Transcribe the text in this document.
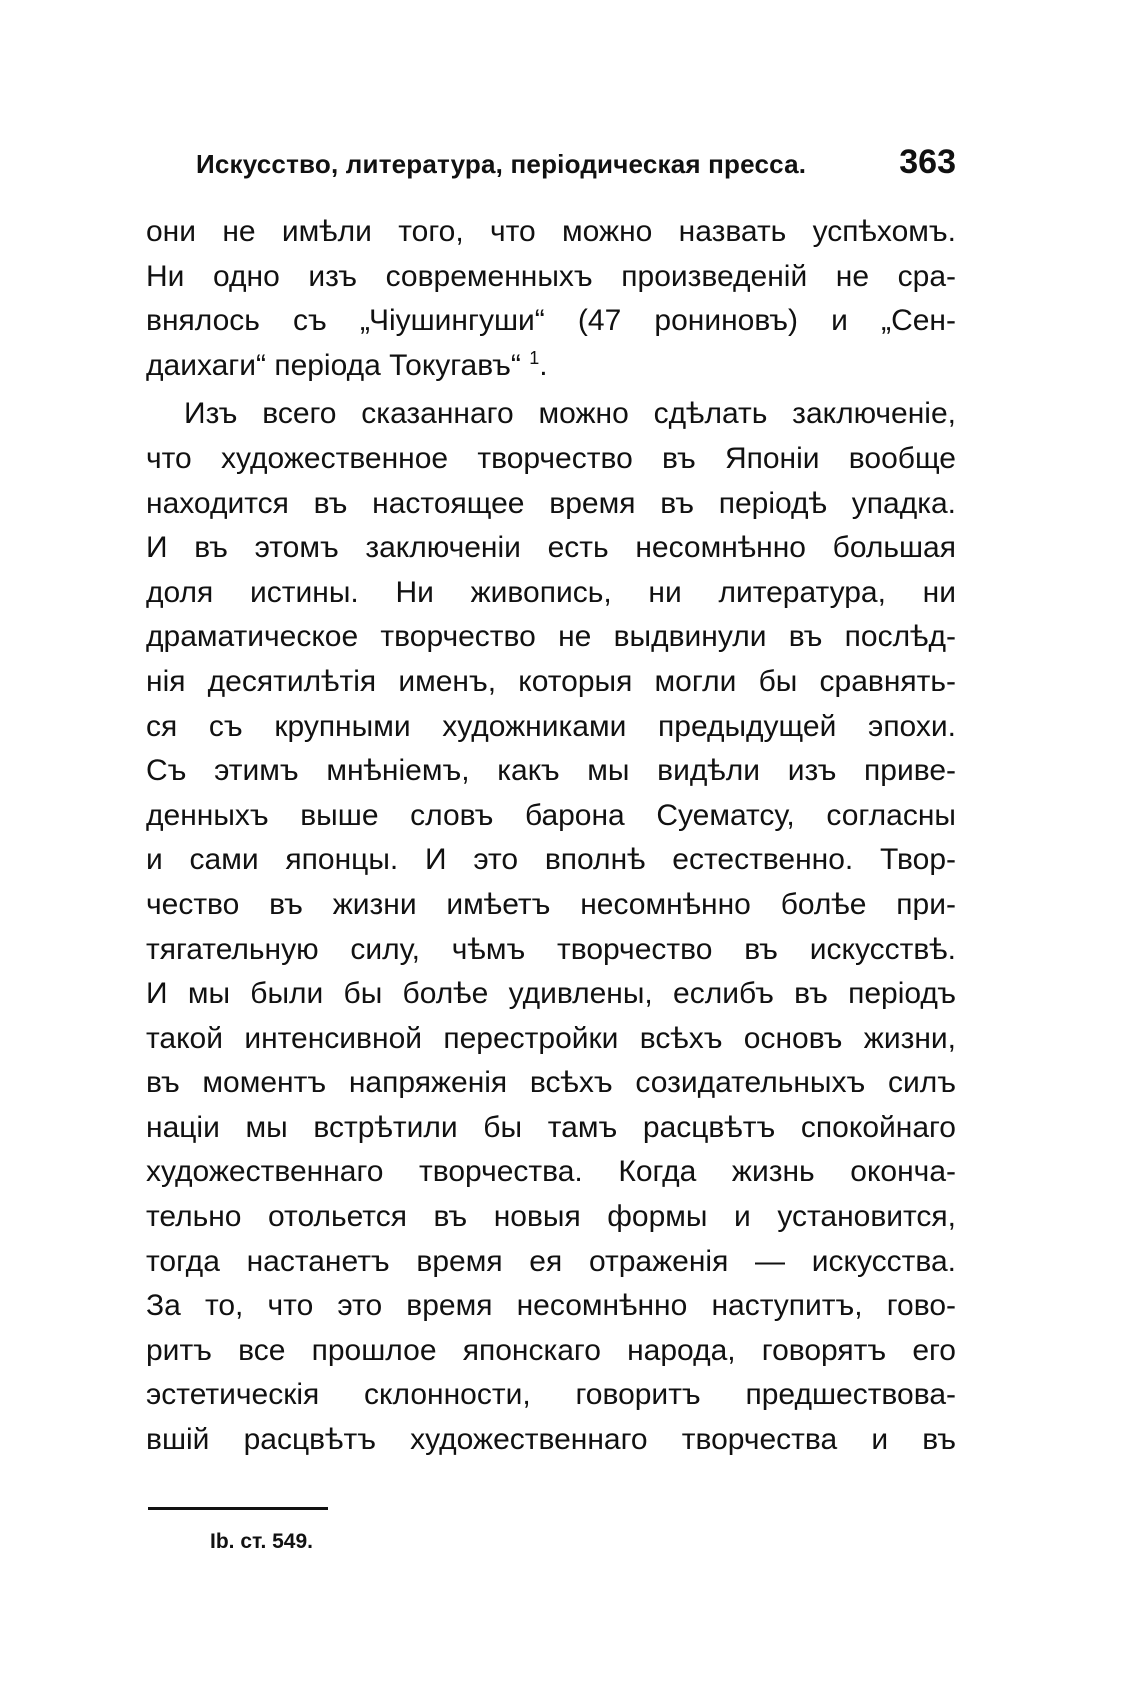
Искусство, литература, періодическая пресса.	363
они не имѣли того, что можно назвать успѣхомъ.
Ни одно изъ современныхъ произведеній не сра-
внялось съ „Чіушингуши“ (47 рониновъ) и „Сен-
даихаги“ періода Токугавъ“ $^1$.
Изъ всего сказаннаго можно сдѣлать заключеніе,
что художественное творчество въ Японіи вообще
находится въ настоящее время въ періодѣ упадка.
И въ этомъ заключеніи есть несомнѣнно большая
доля истины. Ни живопись, ни литература, ни
драматическое творчество не выдвинули въ послѣд-
нія десятилѣтія именъ, которыя могли бы сравнять-
ся съ крупными художниками предыдущей эпохи.
Съ этимъ мнѣніемъ, какъ мы видѣли изъ приве-
денныхъ выше словъ барона Суематсу, согласны
и сами японцы. И это вполнѣ естественно. Твор-
чество въ жизни имѣетъ несомнѣнно болѣе при-
тягательную силу, чѣмъ творчество въ искусствѣ.
И мы были бы болѣе удивлены, еслибъ въ періодъ
такой интенсивной перестройки всѣхъ основъ жизни,
въ моментъ напряженія всѣхъ созидательныхъ силъ
націи мы встрѣтили бы тамъ расцвѣтъ спокойнаго
художественнаго творчества. Когда жизнь оконча-
тельно отольется въ новыя формы и установится,
тогда настанетъ время ея отраженія — искусства.
За то, что это время несомнѣнно наступитъ, гово-
ритъ все прошлое японскаго народа, говорятъ его
эстетическія склонности, говоритъ предшествова-
вшій расцвѣтъ художественнаго творчества и въ
Ib. ст. 549.
